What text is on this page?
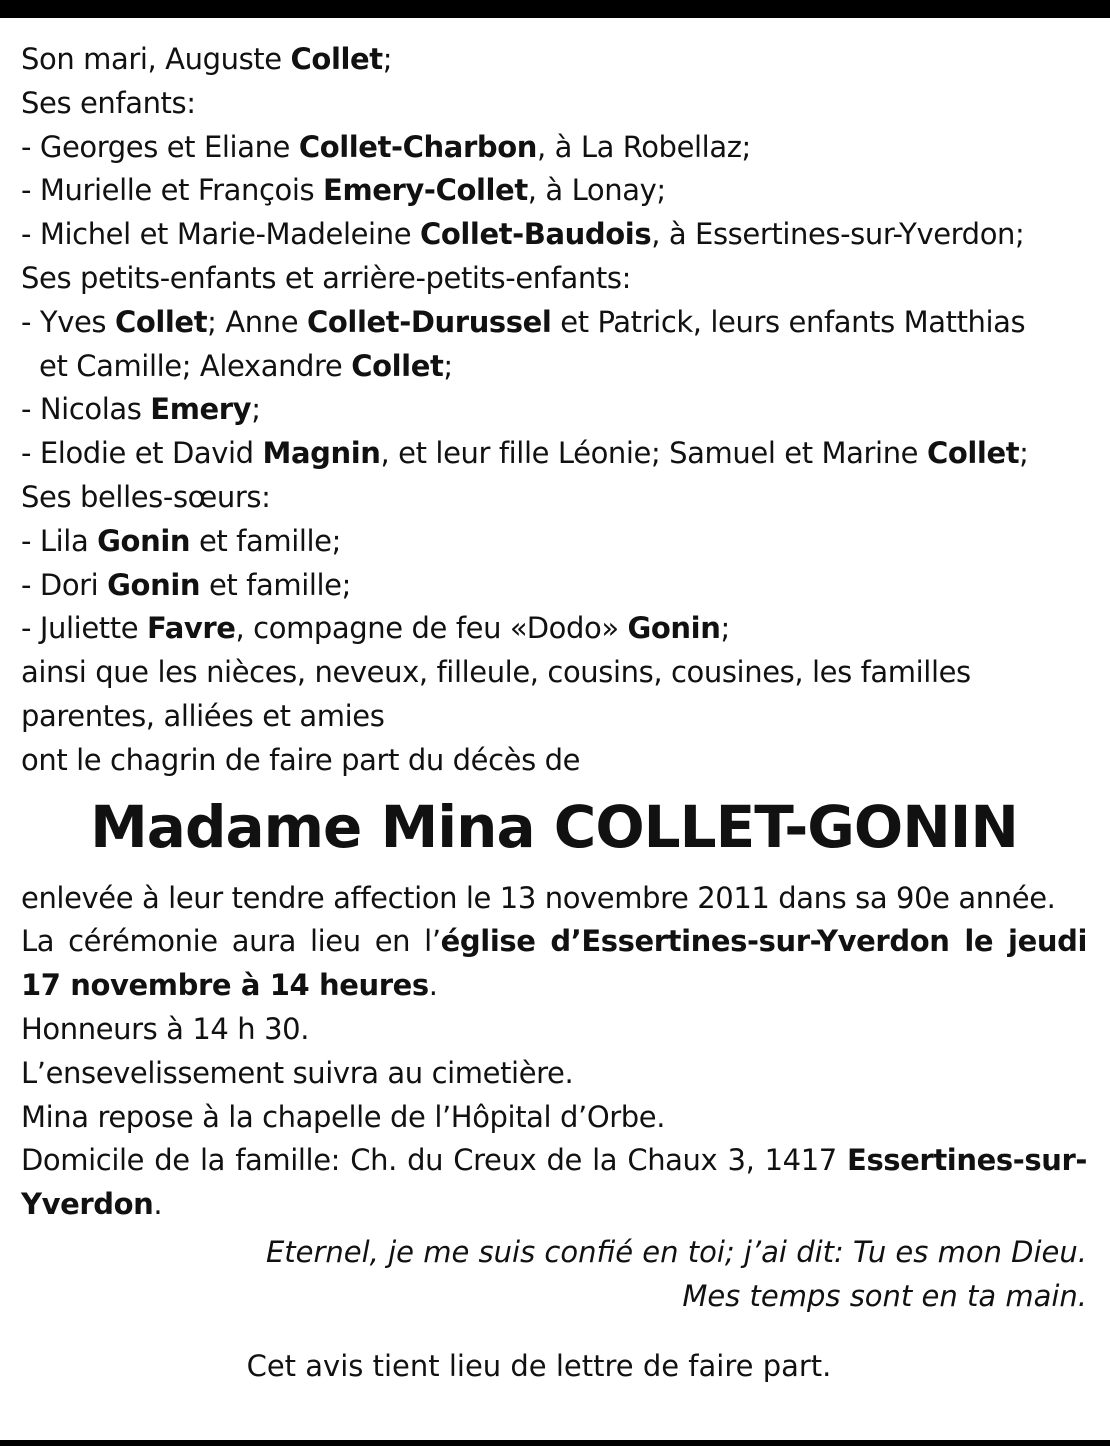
Son mari, Auguste Collet;
Ses enfants:
- Georges et Eliane Collet-Charbon, à La Robellaz;
- Murielle et François Emery-Collet, à Lonay;
- Michel et Marie-Madeleine Collet-Baudois, à Essertines-sur-Yverdon;
Ses petits-enfants et arrière-petits-enfants:
- Yves Collet; Anne Collet-Durussel et Patrick, leurs enfants Matthias
et Camille; Alexandre Collet;
- Nicolas Emery;
- Elodie et David Magnin, et leur fille Léonie; Samuel et Marine Collet;
Ses belles-sœurs:
- Lila Gonin et famille;
- Dori Gonin et famille;
- Juliette Favre, compagne de feu «Dodo» Gonin;
ainsi que les nièces, neveux, filleule, cousins, cousines, les familles
parentes, alliées et amies
ont le chagrin de faire part du décès de
Madame Mina COLLET-GONIN
enlevée à leur tendre affection le 13 novembre 2011 dans sa 90e année.
La cérémonie aura lieu en l’église d’Essertines-sur-Yverdon le jeudi 17 novembre à 14 heures.
Honneurs à 14 h 30.
L’ensevelissement suivra au cimetière.
Mina repose à la chapelle de l’Hôpital d’Orbe.
Domicile de la famille: Ch. du Creux de la Chaux 3, 1417 Essertines-sur-Yverdon.
Eternel, je me suis confié en toi; j’ai dit: Tu es mon Dieu.
Mes temps sont en ta main.
Cet avis tient lieu de lettre de faire part.
